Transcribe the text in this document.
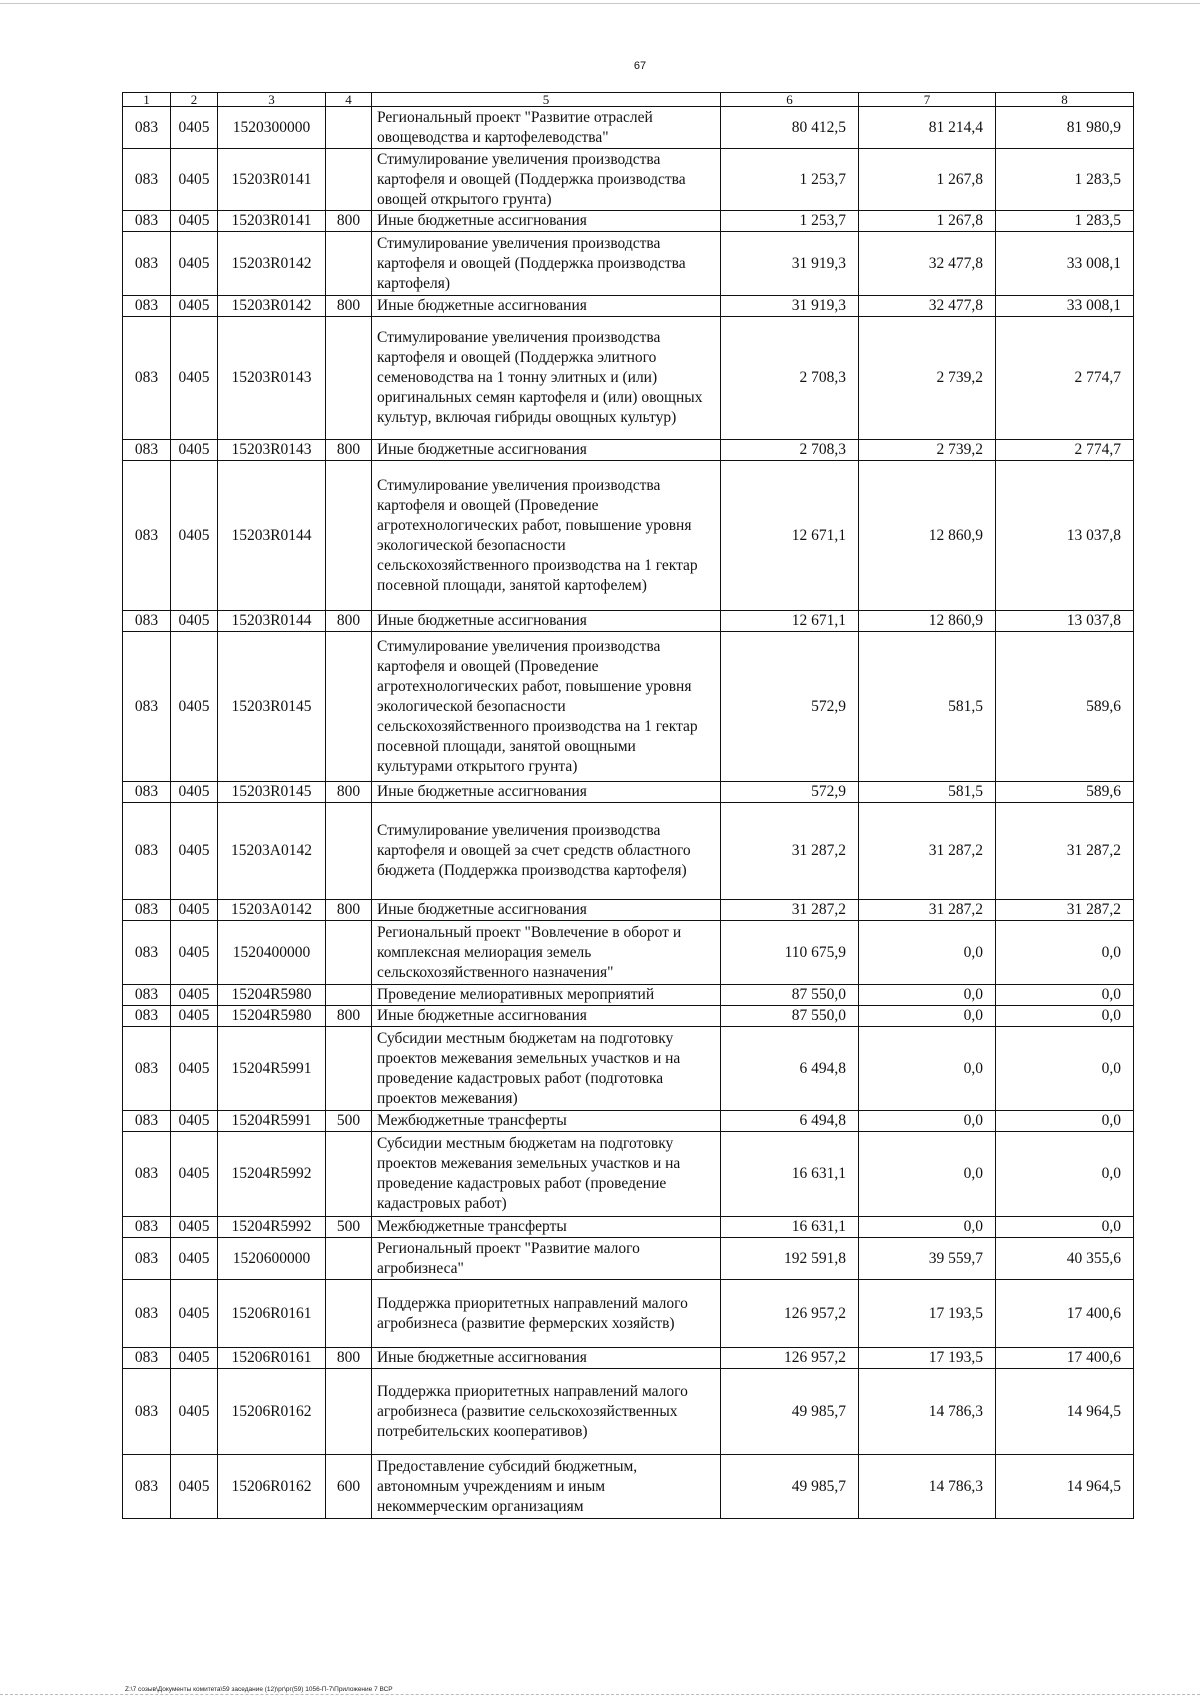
67
1	2	3	4	5	6	7	8
083	0405	1520300000		Региональный проект "Развитие отраслей овощеводства и картофелеводства"	80 412,5	81 214,4	81 980,9
083	0405	15203R0141		Стимулирование увеличения производства картофеля и овощей (Поддержка производства овощей открытого грунта)	1 253,7	1 267,8	1 283,5
083	0405	15203R0141	800	Иные бюджетные ассигнования	1 253,7	1 267,8	1 283,5
083	0405	15203R0142		Стимулирование увеличения производства картофеля и овощей (Поддержка производства картофеля)	31 919,3	32 477,8	33 008,1
083	0405	15203R0142	800	Иные бюджетные ассигнования	31 919,3	32 477,8	33 008,1
083	0405	15203R0143		Стимулирование увеличения производства картофеля и овощей (Поддержка элитного семеноводства на 1 тонну элитных и (или) оригинальных семян картофеля и (или) овощных культур, включая гибриды овощных культур)	2 708,3	2 739,2	2 774,7
083	0405	15203R0143	800	Иные бюджетные ассигнования	2 708,3	2 739,2	2 774,7
083	0405	15203R0144		Стимулирование увеличения производства картофеля и овощей (Проведение агротехнологических работ, повышение уровня экологической безопасности сельскохозяйственного производства на 1 гектар посевной площади, занятой картофелем)	12 671,1	12 860,9	13 037,8
083	0405	15203R0144	800	Иные бюджетные ассигнования	12 671,1	12 860,9	13 037,8
083	0405	15203R0145		Стимулирование увеличения производства картофеля и овощей (Проведение агротехнологических работ, повышение уровня экологической безопасности сельскохозяйственного производства на 1 гектар посевной площади, занятой овощными культурами открытого грунта)	572,9	581,5	589,6
083	0405	15203R0145	800	Иные бюджетные ассигнования	572,9	581,5	589,6
083	0405	15203A0142		Стимулирование увеличения производства картофеля и овощей за счет средств областного бюджета (Поддержка производства картофеля)	31 287,2	31 287,2	31 287,2
083	0405	15203A0142	800	Иные бюджетные ассигнования	31 287,2	31 287,2	31 287,2
083	0405	1520400000		Региональный проект "Вовлечение в оборот и комплексная мелиорация земель сельскохозяйственного назначения"	110 675,9	0,0	0,0
083	0405	15204R5980		Проведение мелиоративных мероприятий	87 550,0	0,0	0,0
083	0405	15204R5980	800	Иные бюджетные ассигнования	87 550,0	0,0	0,0
083	0405	15204R5991		Субсидии местным бюджетам на подготовку проектов межевания земельных участков и на проведение кадастровых работ (подготовка проектов межевания)	6 494,8	0,0	0,0
083	0405	15204R5991	500	Межбюджетные трансферты	6 494,8	0,0	0,0
083	0405	15204R5992		Субсидии местным бюджетам на подготовку проектов межевания земельных участков и на проведение кадастровых работ (проведение кадастровых работ)	16 631,1	0,0	0,0
083	0405	15204R5992	500	Межбюджетные трансферты	16 631,1	0,0	0,0
083	0405	1520600000		Региональный проект "Развитие малого агробизнеса"	192 591,8	39 559,7	40 355,6
083	0405	15206R0161		Поддержка приоритетных направлений малого агробизнеса (развитие фермерских хозяйств)	126 957,2	17 193,5	17 400,6
083	0405	15206R0161	800	Иные бюджетные ассигнования	126 957,2	17 193,5	17 400,6
083	0405	15206R0162		Поддержка приоритетных направлений малого агробизнеса (развитие сельскохозяйственных потребительских кооперативов)	49 985,7	14 786,3	14 964,5
083	0405	15206R0162	600	Предоставление субсидий бюджетным, автономным учреждениям и иным некоммерческим организациям	49 985,7	14 786,3	14 964,5
Z:\7 созыв\Документы комитета\59 заседание (12)\рг\рг(59) 1056-П-7\Приложение 7 ВСР
